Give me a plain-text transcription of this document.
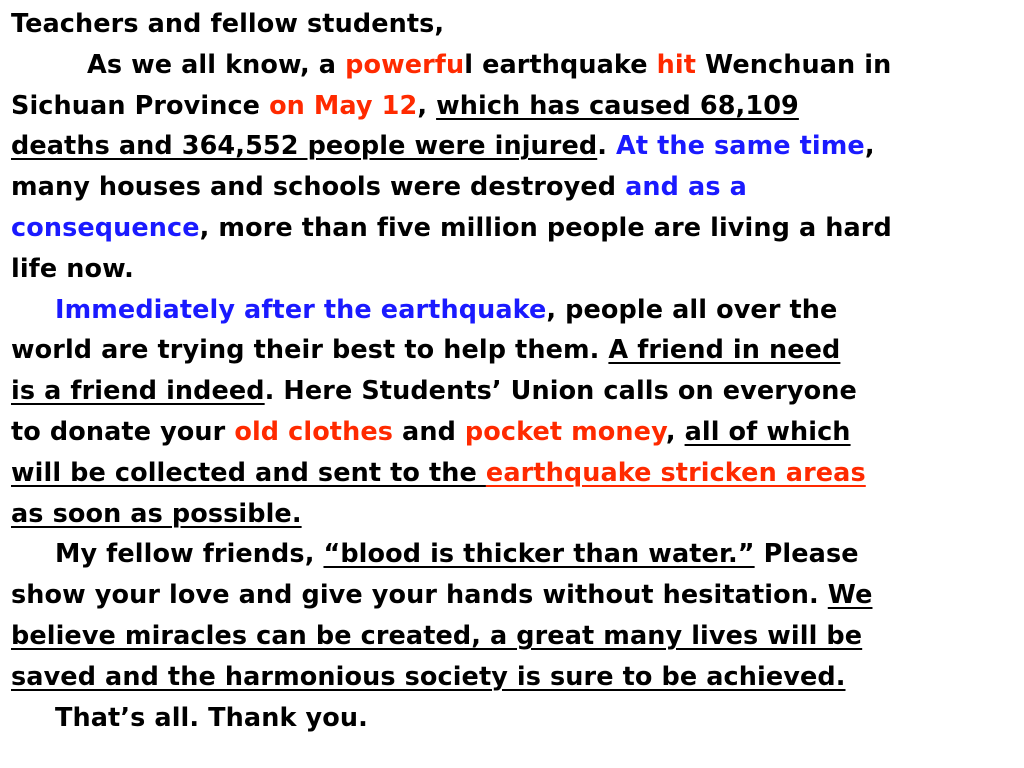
Teachers and fellow students,
As we all know, a powerful earthquake hit Wenchuan in
Sichuan Province on May 12, which has caused 68,109
deaths and 364,552 people were injured. At the same time,
many houses and schools were destroyed and as a
consequence, more than five million people are living a hard
life now.
Immediately after the earthquake, people all over the
world are trying their best to help them. A friend in need
is a friend indeed. Here Students’ Union calls on everyone
to donate your old clothes and pocket money, all of which
will be collected and sent to the earthquake stricken areas
as soon as possible.
My fellow friends, “blood is thicker than water.” Please
show your love and give your hands without hesitation. We
believe miracles can be created, a great many lives will be
saved and the harmonious society is sure to be achieved.
That’s all. Thank you.
